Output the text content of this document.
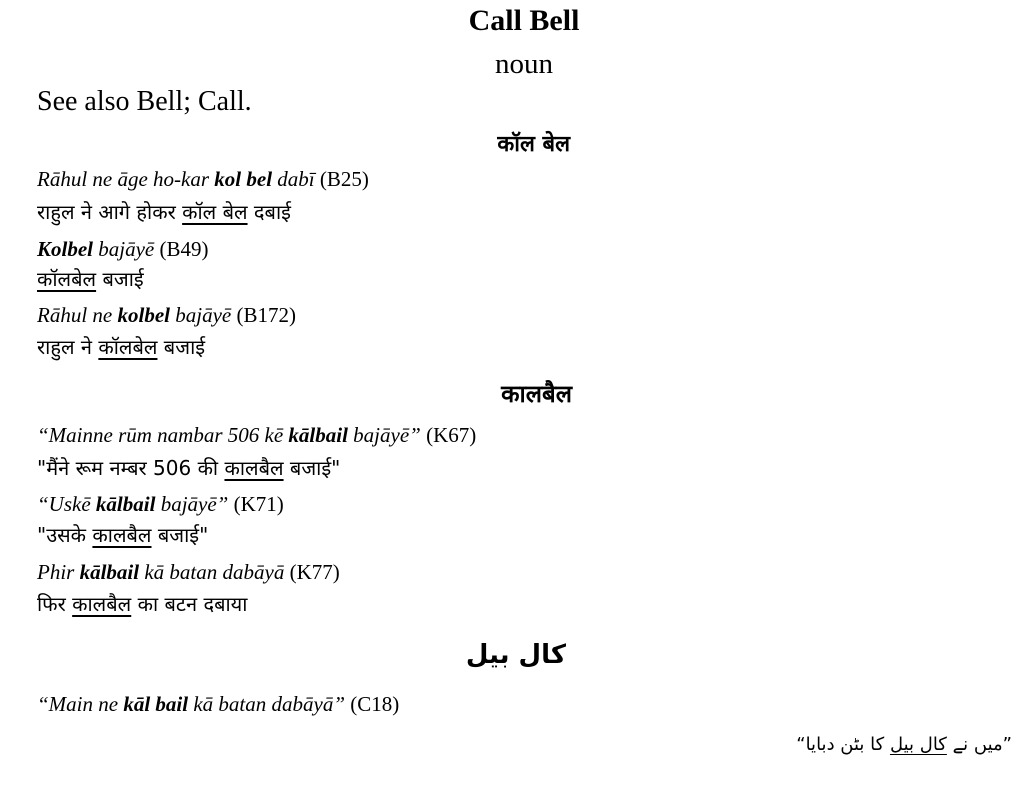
Call Bell
noun
See also Bell; Call.
कॉल बेल
Rāhul ne āge ho-kar kol bel dabī (B25)
राहुल ने आगे होकर कॉल बेल दबाई
Kolbel bajāyē (B49)
कॉलबेल बजाई
Rāhul ne kolbel bajāyē (B172)
राहुल ने कॉलबेल बजाई
कालबैल
“Mainne rūm nambar 506 kē kālbail bajāyē” (K67)
"मैंने रूम नम्बर 506 की कालबैल बजाई"
“Uskē kālbail bajāyē” (K71)
"उसके कालबैल बजाई"
Phir kālbail kā batan dabāyā (K77)
फिर कालबैल का बटन दबाया
کال بیل
“Main ne kāl bail kā batan dabāyā” (C18)
”میں نے کال بیل کا بٹن دبایا“
